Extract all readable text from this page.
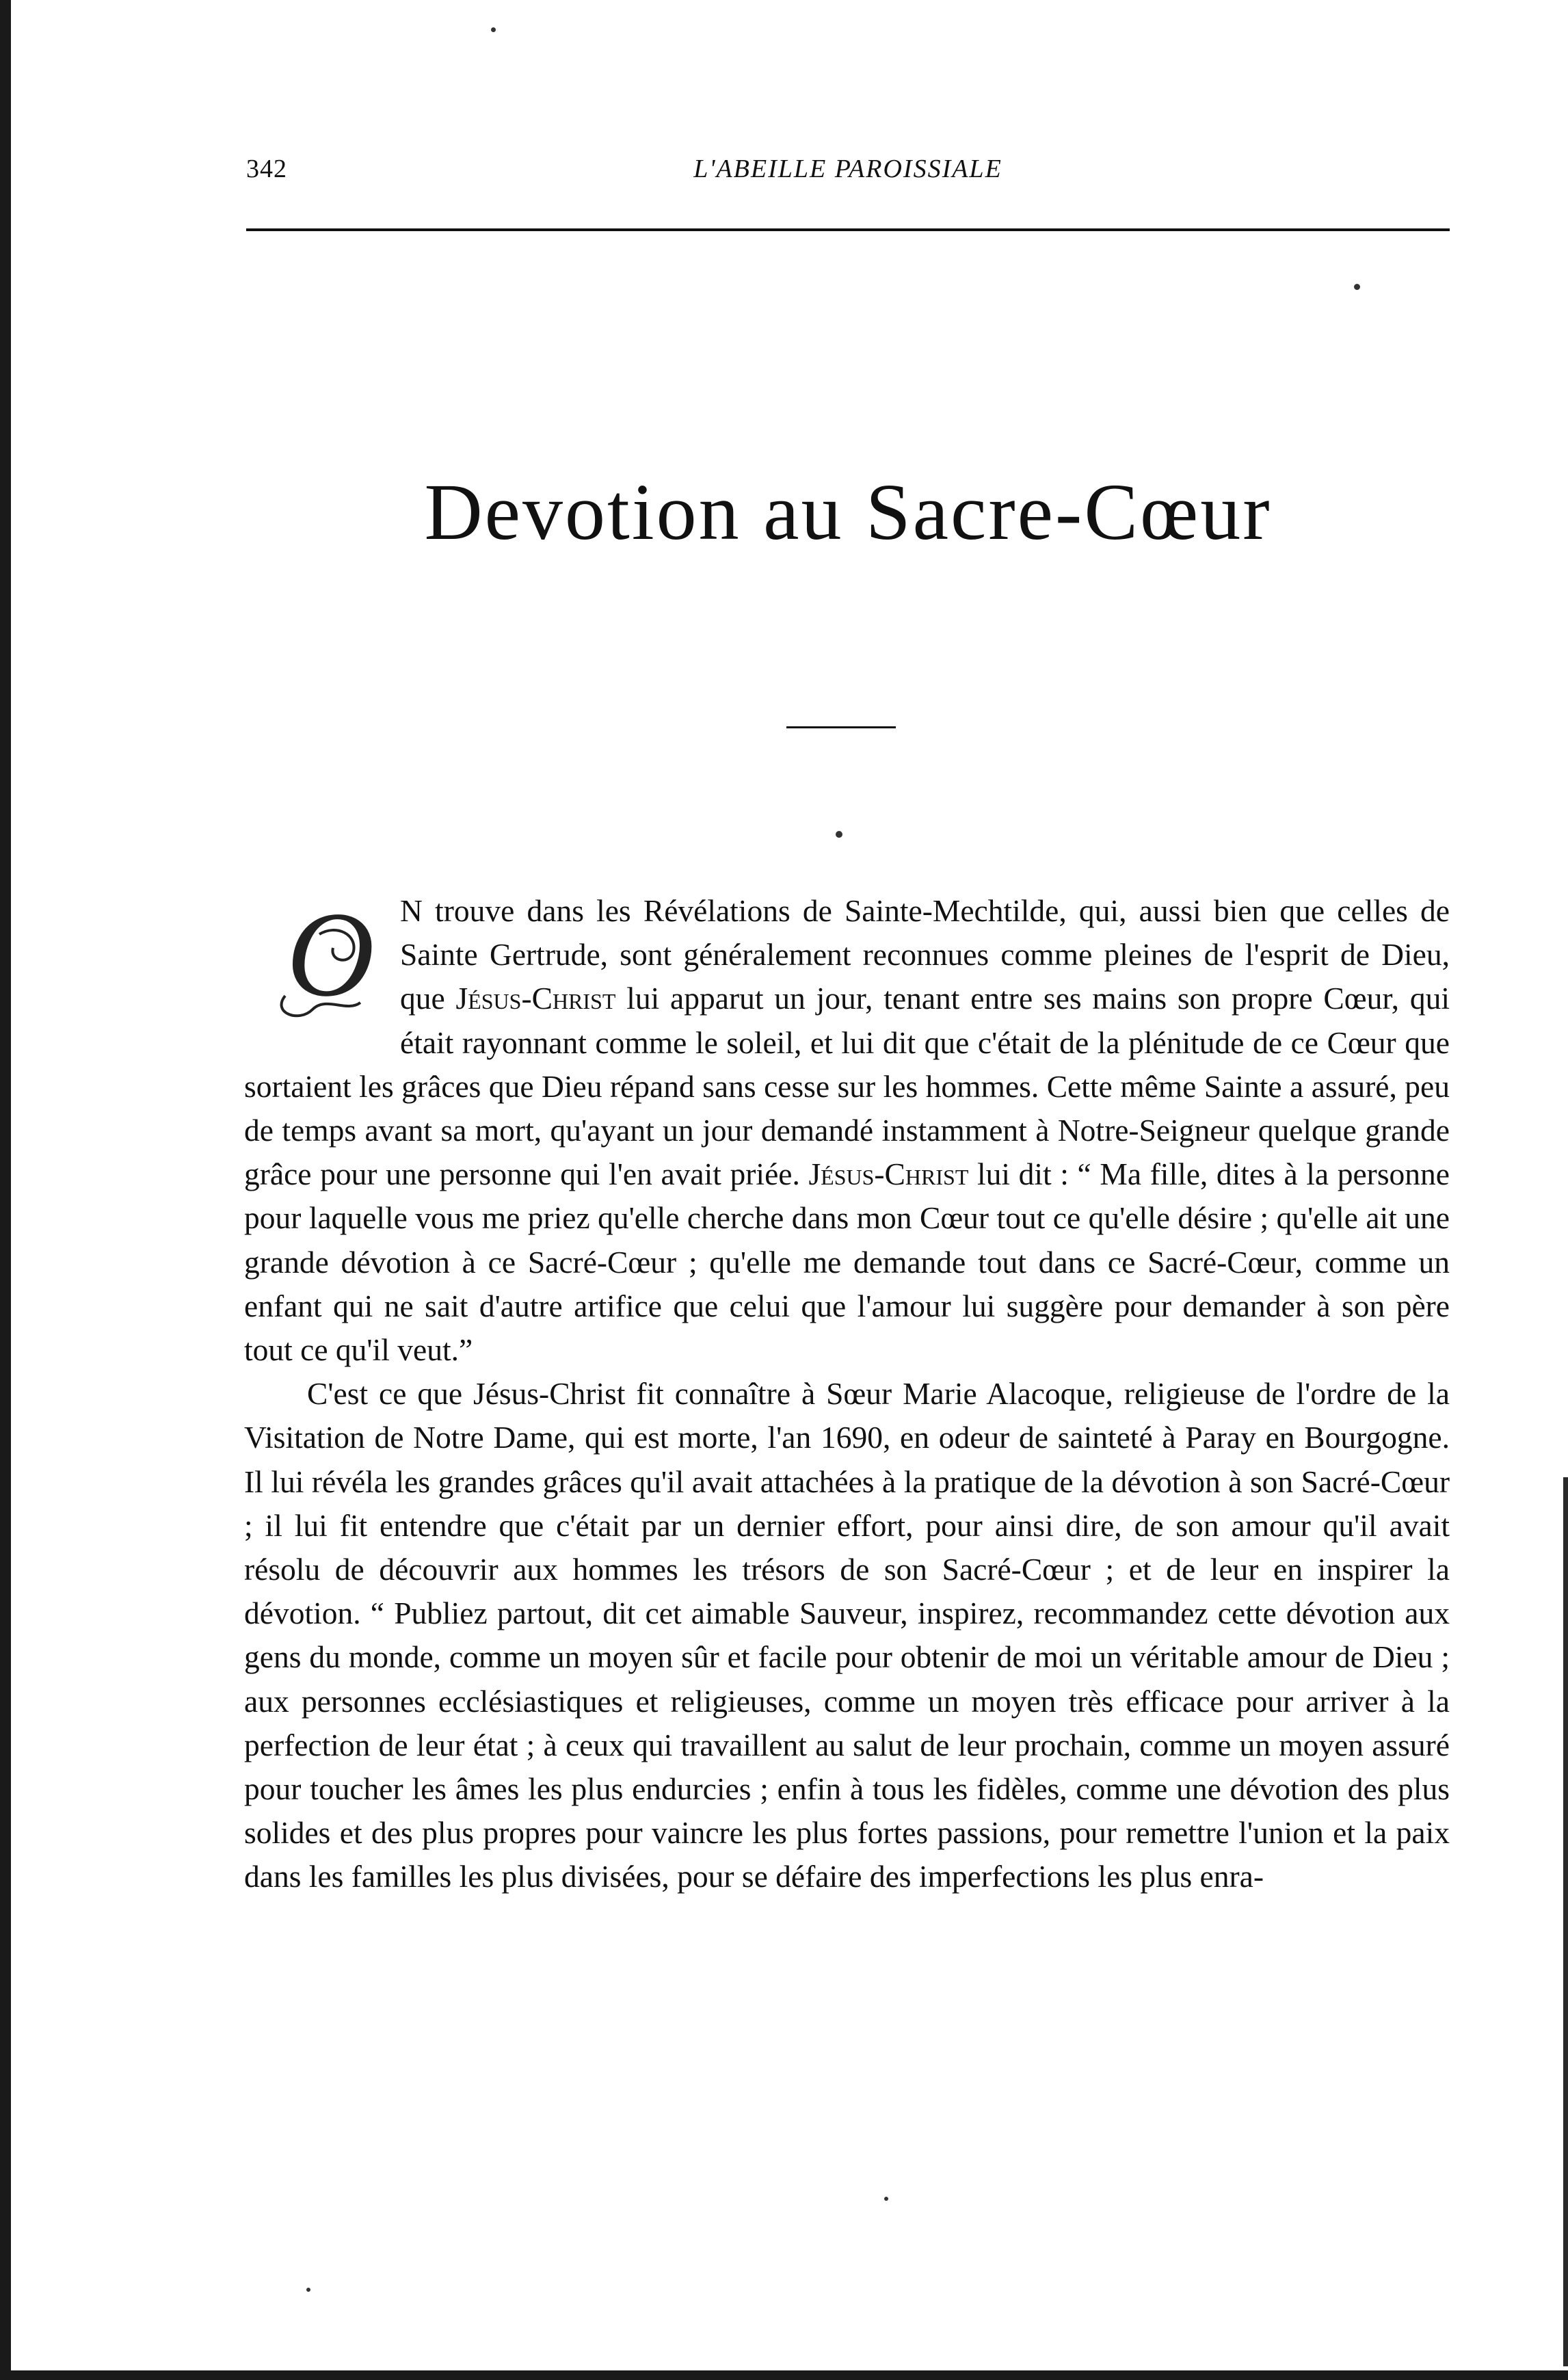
342	L'ABEILLE PAROISSIALE
Devotion au Sacre-Cœur

O N trouve dans les Révélations de Sainte-Mechtilde, qui, aussi bien que celles de Sainte Gertrude, sont généralement reconnues comme pleines de l'esprit de Dieu, que Jésus-Christ lui apparut un jour, tenant entre ses mains son propre Cœur, qui était rayonnant comme le soleil, et lui dit que c'était de la plénitude de ce Cœur que sortaient les grâces que Dieu répand sans cesse sur les hommes. Cette même Sainte a assuré, peu de temps avant sa mort, qu'ayant un jour demandé instamment à Notre-Seigneur quelque grande grâce pour une personne qui l'en avait priée. Jésus-Christ lui dit : “ Ma fille, dites à la personne pour laquelle vous me priez qu'elle cherche dans mon Cœur tout ce qu'elle désire ; qu'elle ait une grande dévotion à ce Sacré-Cœur ; qu'elle me demande tout dans ce Sacré-Cœur, comme un enfant qui ne sait d'autre artifice que celui que l'amour lui suggère pour demander à son père tout ce qu'il veut.”

C'est ce que Jésus-Christ fit connaître à Sœur Marie Alacoque, religieuse de l'ordre de la Visitation de Notre Dame, qui est morte, l'an 1690, en odeur de sainteté à Paray en Bourgogne. Il lui révéla les grandes grâces qu'il avait attachées à la pratique de la dévotion à son Sacré-Cœur ; il lui fit entendre que c'était par un dernier effort, pour ainsi dire, de son amour qu'il avait résolu de découvrir aux hommes les trésors de son Sacré-Cœur ; et de leur en inspirer la dévotion. “ Publiez partout, dit cet aimable Sauveur, inspirez, recommandez cette dévotion aux gens du monde, comme un moyen sûr et facile pour obtenir de moi un véritable amour de Dieu ; aux personnes ecclésiastiques et religieuses, comme un moyen très efficace pour arriver à la perfection de leur état ; à ceux qui travaillent au salut de leur prochain, comme un moyen assuré pour toucher les âmes les plus endurcies ; enfin à tous les fidèles, comme une dévotion des plus solides et des plus propres pour vaincre les plus fortes passions, pour remettre l'union et la paix dans les familles les plus divisées, pour se défaire des imperfections les plus enra-
